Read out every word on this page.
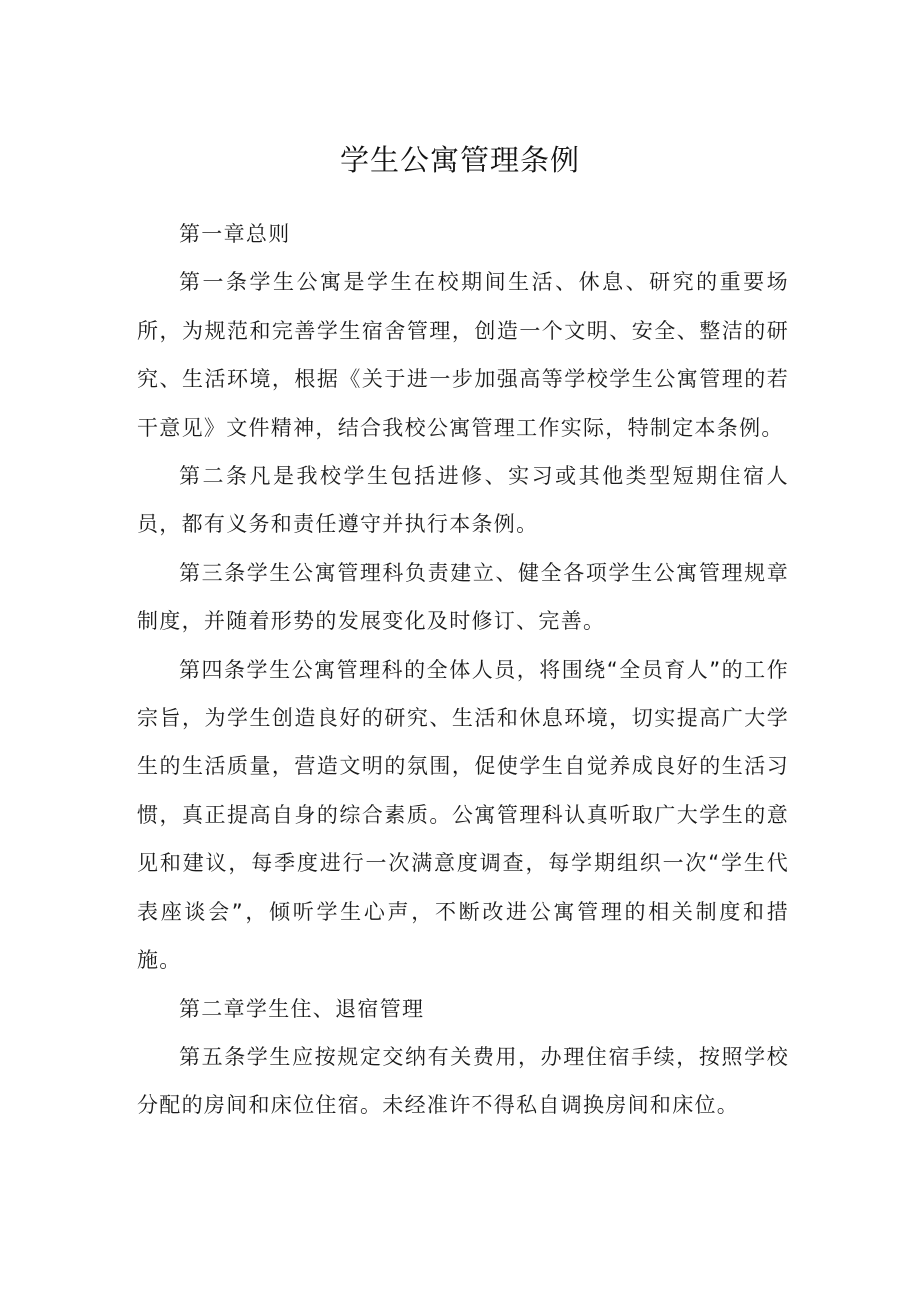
学生公寓管理条例

第一章总则

第一条学生公寓是学生在校期间生活、休息、研究的重要场所，为规范和完善学生宿舍管理，创造一个文明、安全、整洁的研究、生活环境，根据《关于进一步加强高等学校学生公寓管理的若干意见》文件精神，结合我校公寓管理工作实际，特制定本条例。

第二条凡是我校学生包括进修、实习或其他类型短期住宿人员，都有义务和责任遵守并执行本条例。

第三条学生公寓管理科负责建立、健全各项学生公寓管理规章制度，并随着形势的发展变化及时修订、完善。

第四条学生公寓管理科的全体人员，将围绕“全员育人”的工作宗旨，为学生创造良好的研究、生活和休息环境，切实提高广大学生的生活质量，营造文明的氛围，促使学生自觉养成良好的生活习惯，真正提高自身的综合素质。公寓管理科认真听取广大学生的意见和建议，每季度进行一次满意度调查，每学期组织一次“学生代表座谈会”，倾听学生心声，不断改进公寓管理的相关制度和措施。

第二章学生住、退宿管理

第五条学生应按规定交纳有关费用，办理住宿手续，按照学校分配的房间和床位住宿。未经准许不得私自调换房间和床位。
